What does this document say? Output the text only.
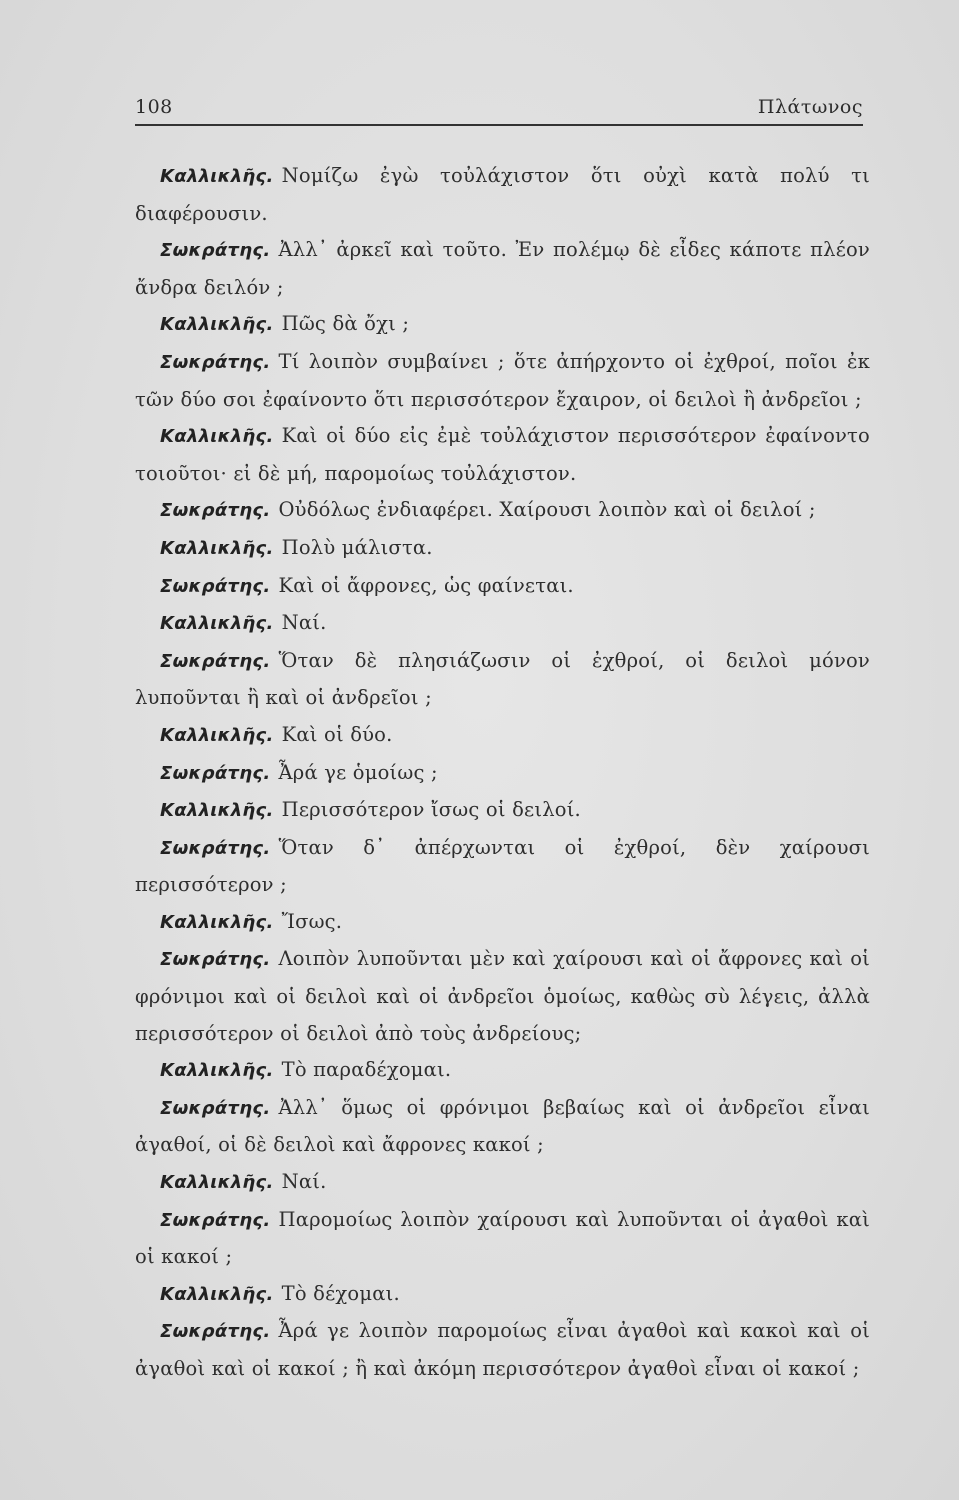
108	Πλάτωνος

Καλλικλῆς. Νομίζω ἐγὼ τοὐλάχιστον ὅτι οὐχὶ κατὰ πολύ τι διαφέρουσιν.

Σωκράτης. Ἀλλ᾽ ἀρκεῖ καὶ τοῦτο. Ἐν πολέμῳ δὲ εἶδες κάποτε πλέον ἄνδρα δειλόν ;

Καλλικλῆς. Πῶς δὰ ὄχι ;

Σωκράτης. Τί λοιπὸν συμβαίνει ; ὅτε ἀπήρχοντο οἱ ἐχθροί, ποῖοι ἐκ τῶν δύο σοι ἐφαίνοντο ὅτι περισσότερον ἔχαιρον, οἱ δειλοὶ ἢ ἀνδρεῖοι ;

Καλλικλῆς. Καὶ οἱ δύο εἰς ἐμὲ τοὐλάχιστον περισσότερον ἐφαίνοντο τοιοῦτοι· εἰ δὲ μή, παρομοίως τοὐλάχιστον.

Σωκράτης. Οὐδόλως ἐνδιαφέρει. Χαίρουσι λοιπὸν καὶ οἱ δειλοί ;

Καλλικλῆς. Πολὺ μάλιστα.

Σωκράτης. Καὶ οἱ ἄφρονες, ὡς φαίνεται.

Καλλικλῆς. Ναί.

Σωκράτης. Ὅταν δὲ πλησιάζωσιν οἱ ἐχθροί, οἱ δειλοὶ μόνον λυποῦνται ἢ καὶ οἱ ἀνδρεῖοι ;

Καλλικλῆς. Καὶ οἱ δύο.

Σωκράτης. Ἆρά γε ὁμοίως ;

Καλλικλῆς. Περισσότερον ἴσως οἱ δειλοί.

Σωκράτης. Ὅταν δ᾽ ἀπέρχωνται οἱ ἐχθροί, δὲν χαίρουσι περισσότερον ;

Καλλικλῆς. Ἴσως.

Σωκράτης. Λοιπὸν λυποῦνται μὲν καὶ χαίρουσι καὶ οἱ ἄφρονες καὶ οἱ φρόνιμοι καὶ οἱ δειλοὶ καὶ οἱ ἀνδρεῖοι ὁμοίως, καθὼς σὺ λέγεις, ἀλλὰ περισσότερον οἱ δειλοὶ ἀπὸ τοὺς ἀνδρείους;

Καλλικλῆς. Τὸ παραδέχομαι.

Σωκράτης. Ἀλλ᾽ ὅμως οἱ φρόνιμοι βεβαίως καὶ οἱ ἀνδρεῖοι εἶναι ἀγαθοί, οἱ δὲ δειλοὶ καὶ ἄφρονες κακοί ;

Καλλικλῆς. Ναί.

Σωκράτης. Παρομοίως λοιπὸν χαίρουσι καὶ λυποῦνται οἱ ἀγαθοὶ καὶ οἱ κακοί ;

Καλλικλῆς. Τὸ δέχομαι.

Σωκράτης. Ἆρά γε λοιπὸν παρομοίως εἶναι ἀγαθοὶ καὶ κακοὶ καὶ οἱ ἀγαθοὶ καὶ οἱ κακοί ; ἢ καὶ ἀκόμη περισσότερον ἀγαθοὶ εἶναι οἱ κακοί ;
